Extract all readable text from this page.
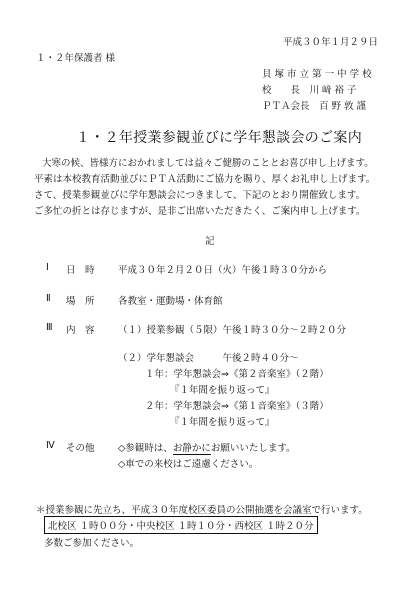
平成３０年１月２９日
１・２年保護者 様
貝 塚 市 立 第 一 中 学 校
校　　長　川 﨑 裕 子
ＰＴＡ会長　百 野 敦 謹
１・２年授業参観並びに学年懇談会のご案内
大寒の候、皆様方におかれましては益々ご健勝のこととお喜び申し上げます。
平素は本校教育活動並びにＰＴＡ活動にご協力を賜り、厚くお礼申し上げます。
さて、授業参観並びに学年懇談会につきまして、下記のとおり開催致します。
ご多忙の折とは存じますが、是非ご出席いただきたく、ご案内申し上げます。
記
Ⅰ 日　時 平成３０年２月２０日（火）午後１時３０分から
Ⅱ 場　所 各教室・運動場・体育館
Ⅲ 内　容 （１）授業参観（５限）午後１時３０分～２時２０分
（２）学年懇談会　　　午後２時４０分～
１年：学年懇談会⇒《第２音楽室》（２階）
『１年間を振り返って』
２年：学年懇談会⇒《第１音楽室》（３階）
『１年間を振り返って』
Ⅳ その他 ◇参観時は、お静かにお願いいたします。
◇車での来校はご遠慮ください。
＊授業参観に先立ち、平成３０年度校区委員の公開抽選を会議室で行います。
北校区 １時００分・中央校区 １時１０分・西校区 １時２０分
多数ご参加ください。
